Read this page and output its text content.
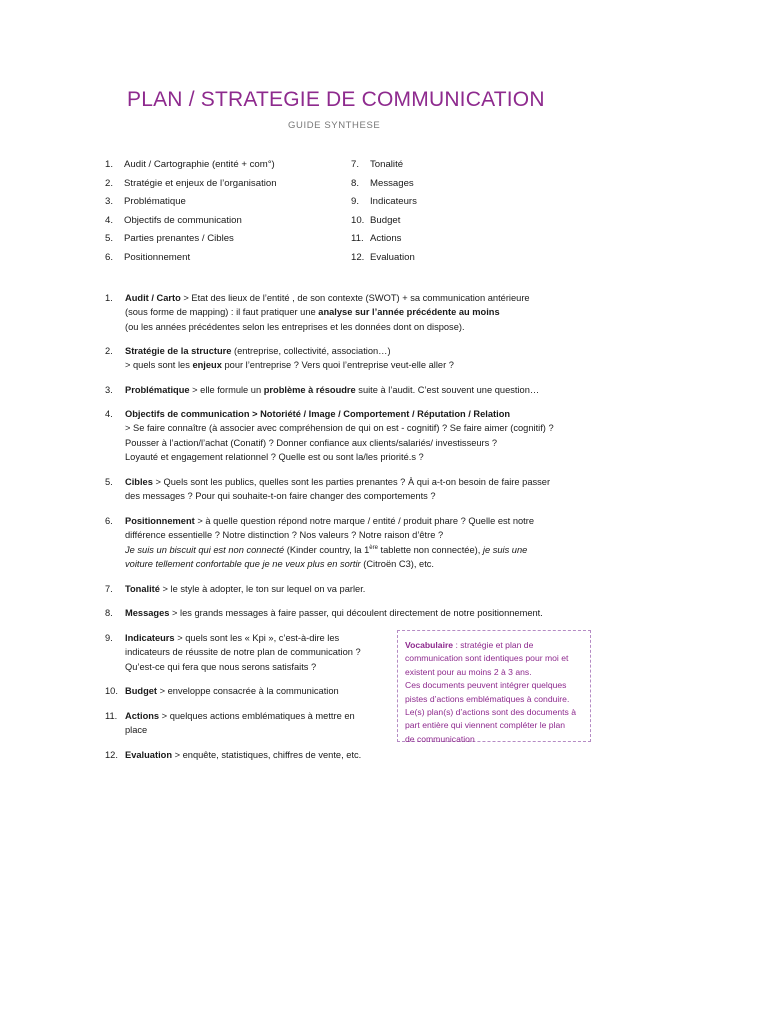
PLAN / STRATEGIE DE COMMUNICATION
GUIDE SYNTHESE
1.	Audit / Cartographie (entité + com°)
2.	Stratégie et enjeux de l’organisation
3.	Problématique
4.	Objectifs de communication
5.	Parties prenantes / Cibles
6.	Positionnement
7.	Tonalité
8.	Messages
9.	Indicateurs
10. Budget
11. Actions
12. Evaluation
1.	Audit / Carto > Etat des lieux de l’entité , de son contexte (SWOT) + sa communication antérieure

(sous forme de mapping) : il faut pratiquer une analyse sur l’année précédente au moins

(ou les années précédentes selon les entreprises et les données dont on dispose).

2.	Stratégie de la structure (entreprise, collectivité, association…)

> quels sont les enjeux pour l’entreprise ? Vers quoi l’entreprise veut-elle aller ?

3.	Problématique > elle formule un problème à résoudre suite à l’audit. C’est souvent une question…

4.	Objectifs de communication > Notoriété / Image / Comportement / Réputation / Relation

> Se faire connaître (à associer avec compréhension de qui on est - cognitif) ? Se faire aimer (cognitif) ?

Pousser à l’action/l’achat (Conatif) ? Donner confiance aux clients/salariés/ investisseurs ?

Loyauté et engagement relationnel ? Quelle est ou sont la/les priorité.s ?

5.	Cibles > Quels sont les publics, quelles sont les parties prenantes ? À qui a-t-on besoin de faire passer

des messages ? Pour qui souhaite-t-on faire changer des comportements ?

6.	Positionnement > à quelle question répond notre marque / entité / produit phare ? Quelle est notre

différence essentielle ? Notre distinction ? Nos valeurs ? Notre raison d’être ?

Je suis un biscuit qui est non connecté (Kinder country, la 1ère tablette non connectée), je suis une

voiture tellement confortable que je ne veux plus en sortir (Citroën C3), etc.

7.	Tonalité > le style à adopter, le ton sur lequel on va parler.

8.	Messages > les grands messages à faire passer, qui découlent directement de notre positionnement.

9.	Indicateurs > quels sont les « Kpi », c’est-à-dire les

indicateurs de réussite de notre plan de communication ?

Qu’est-ce qui fera que nous serons satisfaits ?

10. Budget > enveloppe consacrée à la communication

11. Actions > quelques actions emblématiques à mettre en

place

12. Evaluation > enquête, statistiques, chiffres de vente, etc.

Vocabulaire : stratégie et plan de

communication sont identiques pour moi et

existent pour au moins 2 à 3 ans.

Ces documents peuvent intégrer quelques

pistes d’actions emblématiques à conduire.

Le(s) plan(s) d’actions sont des documents à

part entière qui viennent compléter le plan

de communication
